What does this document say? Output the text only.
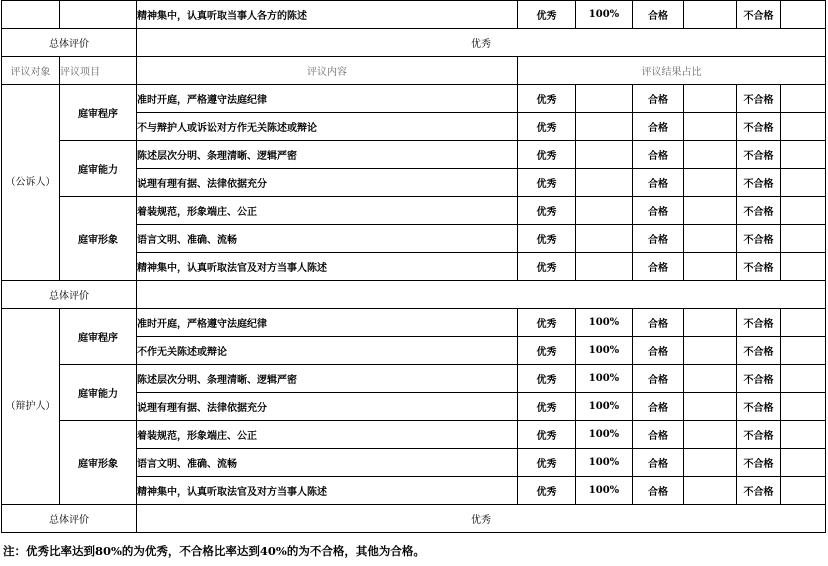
		精神集中，认真听取当事人各方的陈述	优秀	100%	合格		不合格	
总体评价		优秀						
评议对象	评议项目	评议内容	评议结果占比					
（公诉人）	庭审程序	准时开庭，严格遵守法庭纪律	优秀		合格		不合格	
		不与辩护人或诉讼对方作无关陈述或辩论	优秀		合格		不合格	
	庭审能力	陈述层次分明、条理清晰、逻辑严密	优秀		合格		不合格	
		说理有理有据、法律依据充分	优秀		合格		不合格	
	庭审形象	着装规范，形象端庄、公正	优秀		合格		不合格	
		语言文明、准确、流畅	优秀		合格		不合格	
		精神集中，认真听取法官及对方当事人陈述	优秀		合格		不合格	
总体评价								
（辩护人）	庭审程序	准时开庭，严格遵守法庭纪律	优秀	100%	合格		不合格	
		不作无关陈述或辩论	优秀	100%	合格		不合格	
	庭审能力	陈述层次分明、条理清晰、逻辑严密	优秀	100%	合格		不合格	
		说理有理有据、法律依据充分	优秀	100%	合格		不合格	
	庭审形象	着装规范，形象端庄、公正	优秀	100%	合格		不合格	
		语言文明、准确、流畅	优秀	100%	合格		不合格	
		精神集中，认真听取法官及对方当事人陈述	优秀	100%	合格		不合格	
总体评价		优秀						
注：优秀比率达到80%的为优秀，不合格比率达到40%的为不合格，其他为合格。
